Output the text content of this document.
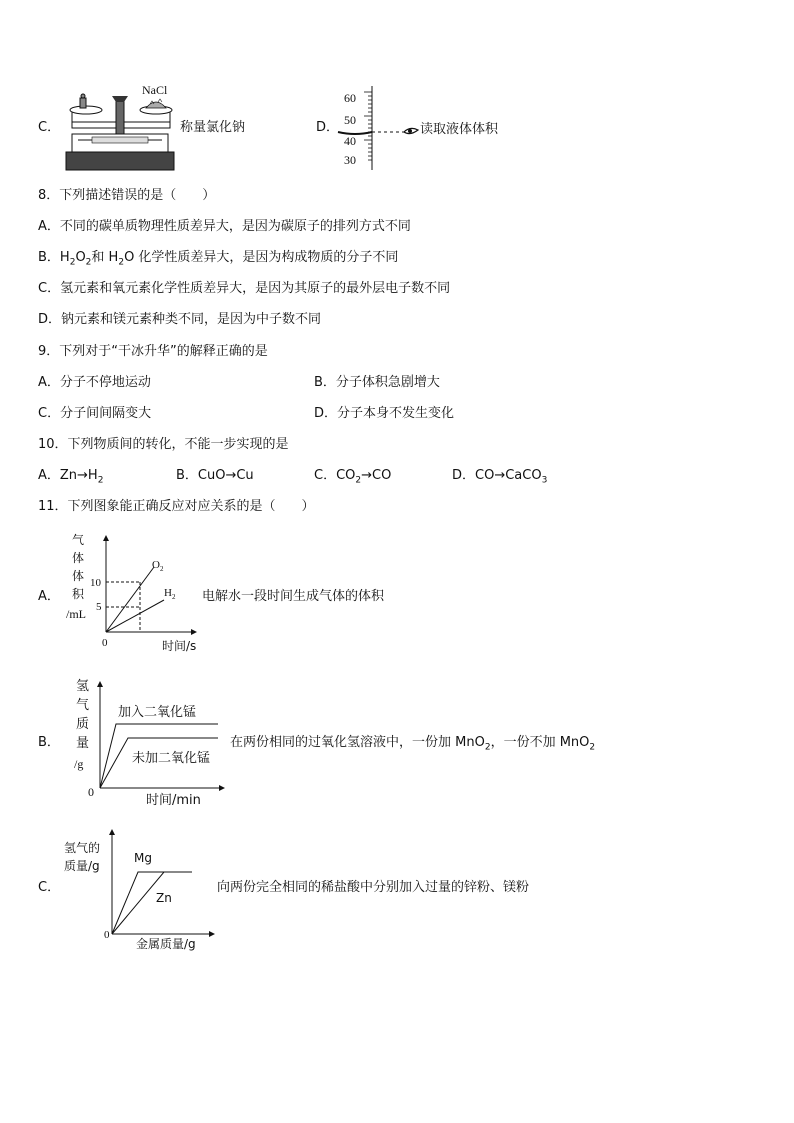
C．
NaCl
称量氯化钠	D．
60
50
40
30
读取液体体积
8．下列描述错误的是（　　）
A．不同的碳单质物理性质差异大，是因为碳原子的排列方式不同
B．$H_2O_2$和 $H_2O$ 化学性质差异大，是因为构成物质的分子不同
C．氢元素和氧元素化学性质差异大，是因为其原子的最外层电子数不同
D．钠元素和镁元素种类不同，是因为中子数不同
9．下列对于“干冰升华”的解释正确的是
A．分子不停地运动	B．分子体积急剧增大
C．分子间间隔变大	D．分子本身不发生变化
10．下列物质间的转化，不能一步实现的是
A．$Zn\to H_2$	B．CuO→Cu	C．$CO_2\to CO$	D．CO→CaCO$_3$
11．下列图象能正确反应对应关系的是（　　）
A．
气
体
体
积
/mL
0	时间/s
10
5
$O_2$
$H_2$ 电解水一段时间生成气体的体积
B．
氢
气
质
量
/g
0
时间/min
加入二氧化锰
未加二氧化锰
在两份相同的过氧化氢溶液中，一份加 MnO$_2$，一份不加 MnO$_2$
C．
氢气的
质量/g
0
金属质量/g
Mg
Zn
向两份完全相同的稀盐酸中分别加入过量的锌粉、镁粉
